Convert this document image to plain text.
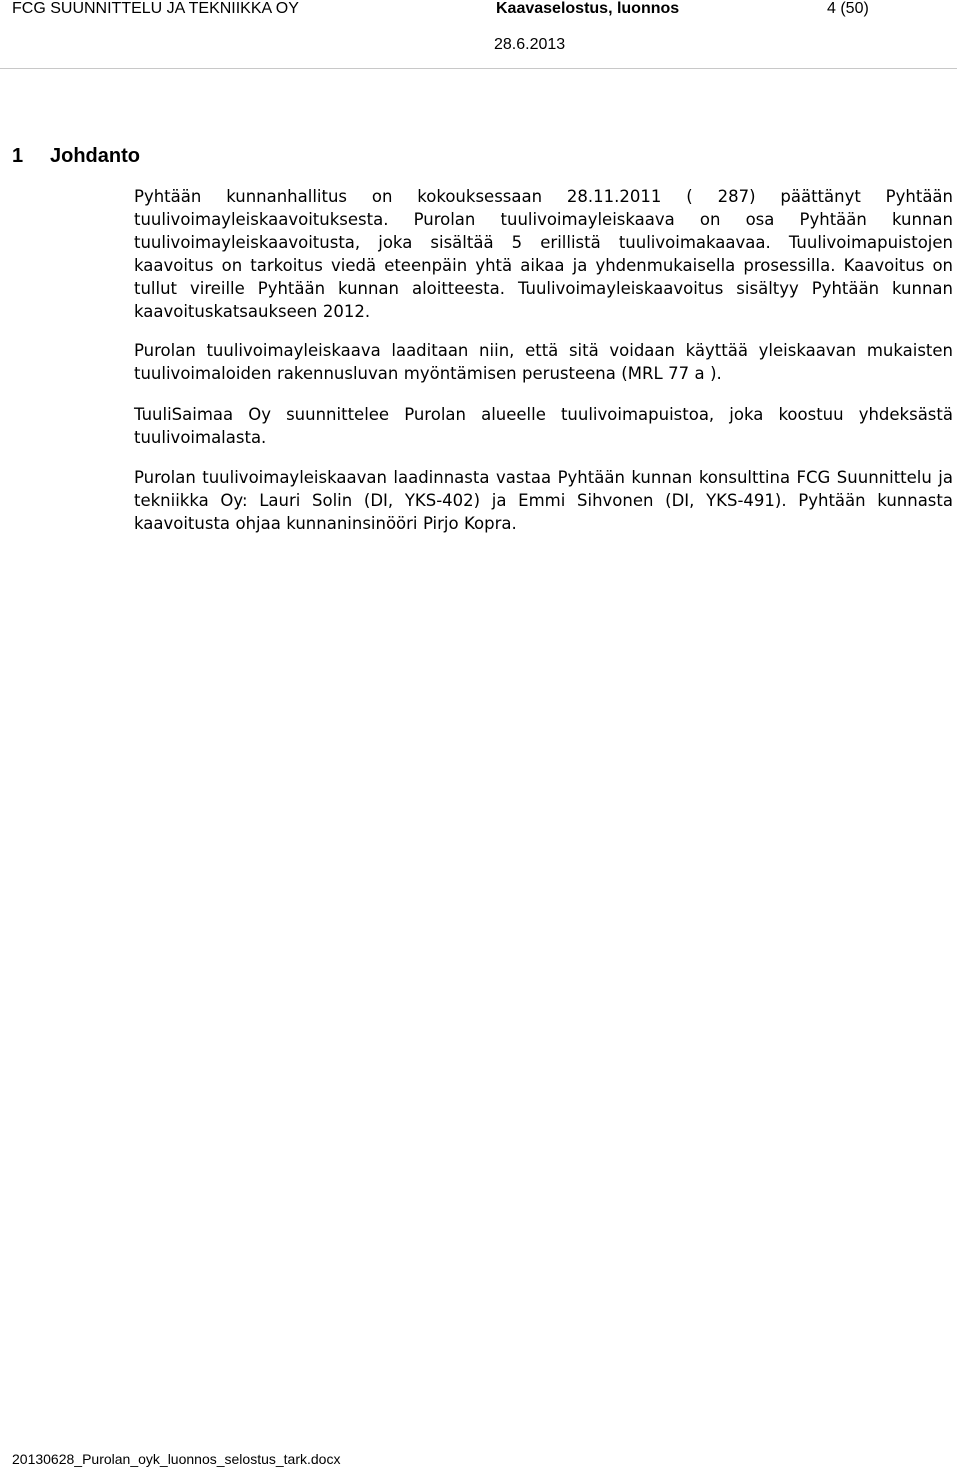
FCG SUUNNITTELU JA TEKNIIKKA OY	Kaavaselostus, luonnos	4 (50)
28.6.2013
1 Johdanto

Pyhtään kunnanhallitus on kokouksessaan 28.11.2011 ( 287) päättänyt Pyhtään tuulivoimayleiskaavoituksesta. Purolan tuulivoimayleiskaava on osa Pyhtään kunnan tuulivoimayleiskaavoitusta, joka sisältää 5 erillistä tuulivoimakaavaa. Tuulivoimapuistojen kaavoitus on tarkoitus viedä eteenpäin yhtä aikaa ja yhdenmukaisella prosessilla. Kaavoitus on tullut vireille Pyhtään kunnan aloitteesta. Tuulivoimayleiskaavoitus sisältyy Pyhtään kunnan kaavoituskatsaukseen 2012.

Purolan tuulivoimayleiskaava laaditaan niin, että sitä voidaan käyttää yleiskaavan mukaisten tuulivoimaloiden rakennusluvan myöntämisen perusteena (MRL 77 a ).

TuuliSaimaa Oy suunnittelee Purolan alueelle tuulivoimapuistoa, joka koostuu yhdeksästä tuulivoimalasta.

Purolan tuulivoimayleiskaavan laadinnasta vastaa Pyhtään kunnan konsulttina FCG Suunnittelu ja tekniikka Oy: Lauri Solin (DI, YKS-402) ja Emmi Sihvonen (DI, YKS-491). Pyhtään kunnasta kaavoitusta ohjaa kunnaninsinööri Pirjo Kopra.

20130628_Purolan_oyk_luonnos_selostus_tark.docx
